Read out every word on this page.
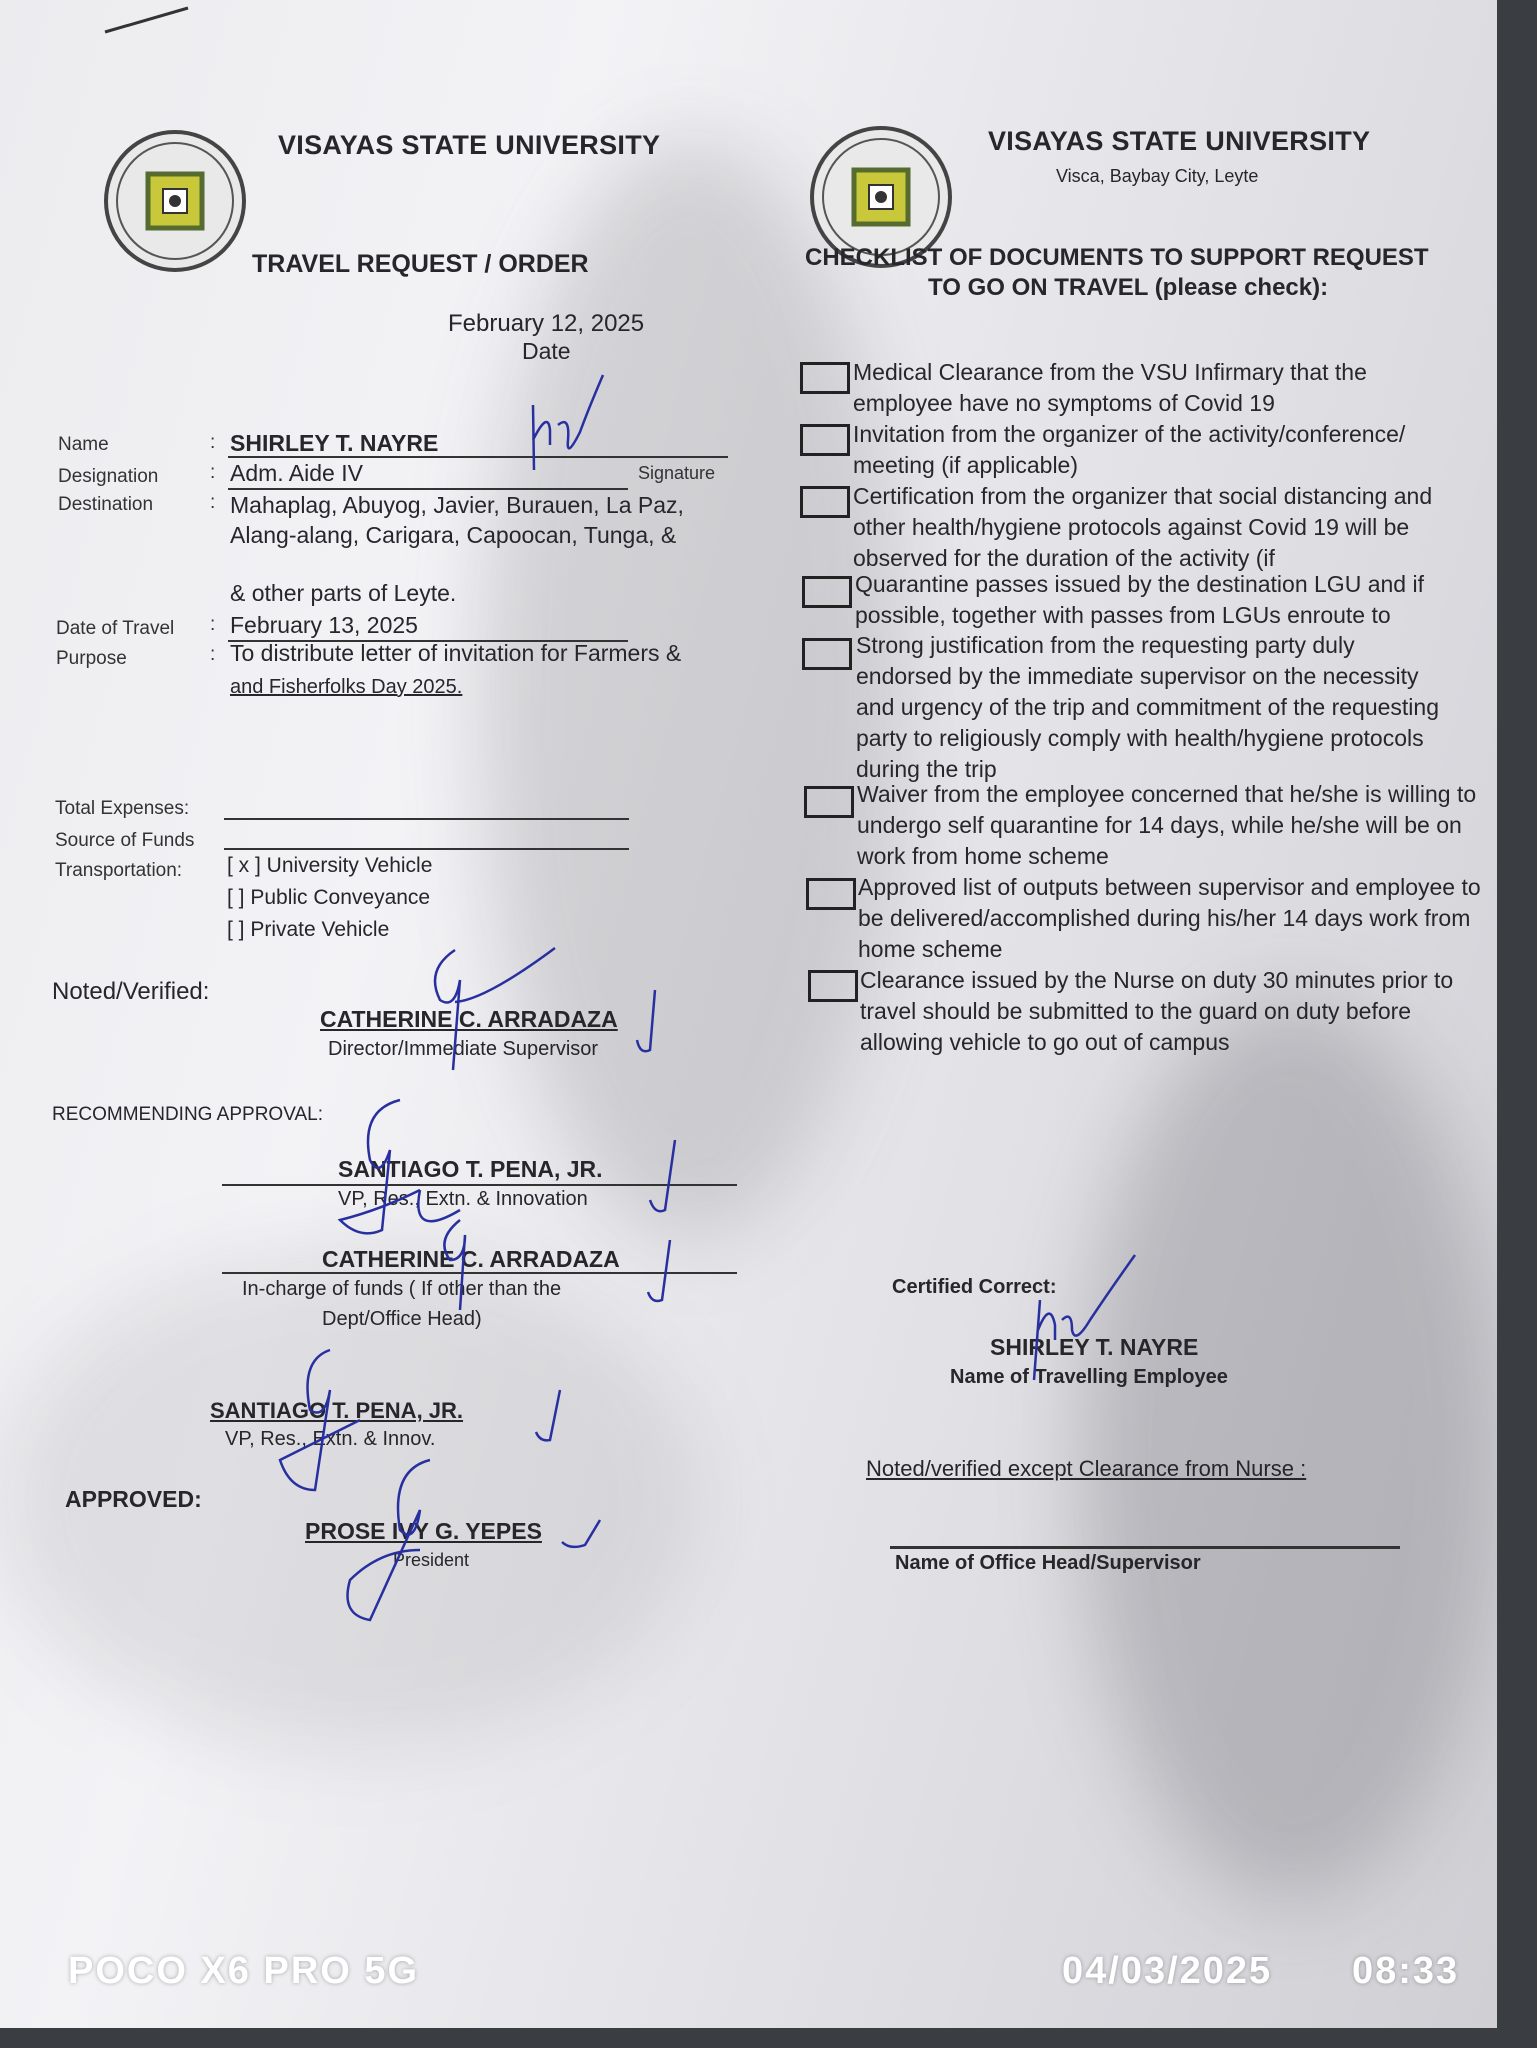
VISAYAS STATE UNIVERSITY
TRAVEL REQUEST / ORDER
February 12, 2025
Date
Name	: SHIRLEY T. NAYRE
Designation	: Adm. Aide IV	Signature
Destination	: Mahaplag, Abuyog, Javier, Burauen, La Paz,
Alang-alang, Carigara, Capoocan, Tunga, &
& other parts of Leyte.
Date of Travel : February 13, 2025
Purpose	: To distribute letter of invitation for Farmers &
and Fisherfolks Day 2025.
Total Expenses:
Source of Funds
Transportation: [ x ] University Vehicle
[ ] Public Conveyance
[ ] Private Vehicle
Noted/Verified:
CATHERINE C. ARRADAZA
Director/Immediate Supervisor
RECOMMENDING APPROVAL:
SANTIAGO T. PENA, JR.
VP, Res., Extn. & Innovation
CATHERINE C. ARRADAZA
In-charge of funds ( If other than the
Dept/Office Head)
SANTIAGO T. PENA, JR.
VP, Res., Extn. & Innov.
APPROVED:
PROSE IVY G. YEPES
President
VISAYAS STATE UNIVERSITY
Visca, Baybay City, Leyte
CHECKLIST OF DOCUMENTS TO SUPPORT REQUEST
TO GO ON TRAVEL (please check):
Medical Clearance from the VSU Infirmary that the employee have no symptoms of Covid 19
Invitation from the organizer of the activity/conference/ meeting (if applicable)
Certification from the organizer that social distancing and other health/hygiene protocols against Covid 19 will be observed for the duration of the activity (if
Quarantine passes issued by the destination LGU and if possible, together with passes from LGUs enroute to
Strong justification from the requesting party duly endorsed by the immediate supervisor on the necessity and urgency of the trip and commitment of the requesting party to religiously comply with health/hygiene protocols during the trip
Waiver from the employee concerned that he/she is willing to undergo self quarantine for 14 days, while he/she will be on work from home scheme
Approved list of outputs between supervisor and employee to be delivered/accomplished during his/her 14 days work from home scheme
Clearance issued by the Nurse on duty 30 minutes prior to travel should be submitted to the guard on duty before allowing vehicle to go out of campus
Certified Correct:
SHIRLEY T. NAYRE
Name of Travelling Employee
Noted/verified except Clearance from Nurse :
Name of Office Head/Supervisor
POCO X6 PRO 5G	04/03/2025 08:33
